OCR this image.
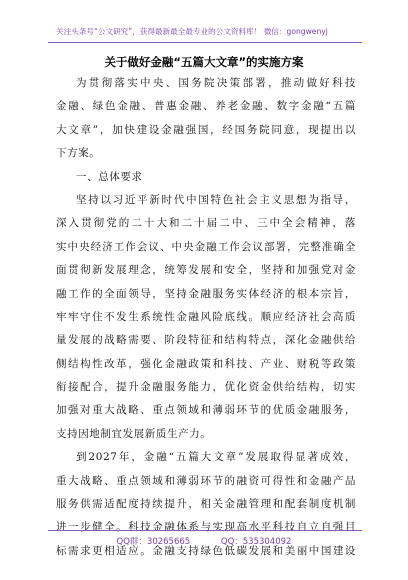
关注头条号“公文研究”，获得最新最全最专业的公文资料库！ 微信：gongwenyj
关于做好金融“五篇大文章”的实施方案
为贯彻落实中央、国务院决策部署，推动做好科技
金融、绿色金融、普惠金融、养老金融、数字金融“五篇
大文章”，加快建设金融强国，经国务院同意，现提出以
下方案。
一、总体要求
坚持以习近平新时代中国特色社会主义思想为指导，
深入贯彻党的二十大和二十届二中、三中全会精神，落
实中央经济工作会议、中央金融工作会议部署，完整准确全
面贯彻新发展理念，统筹发展和安全，坚持和加强党对金
融工作的全面领导，坚持金融服务实体经济的根本宗旨，
牢牢守住不发生系统性金融风险底线。顺应经济社会高质
量发展的战略需要、阶段特征和结构特点，深化金融供给
侧结构性改革，强化金融政策和科技、产业、财税等政策
衔接配合，提升金融服务能力，优化资金供给结构，切实
加强对重大战略、重点领域和薄弱环节的优质金融服务，
支持因地制宜发展新质生产力。
到2027年，金融“五篇大文章”发展取得显著成效，
重大战略、重点领域和薄弱环节的融资可得性和金融产品
服务供需适配度持续提升，相关金融管理和配套制度机制
进一步健全。科技金融体系与实现高水平科技自立自强目
标需求更相适应。金融支持绿色低碳发展和美丽中国建设
QQ群：30265665	QQ：535304092
